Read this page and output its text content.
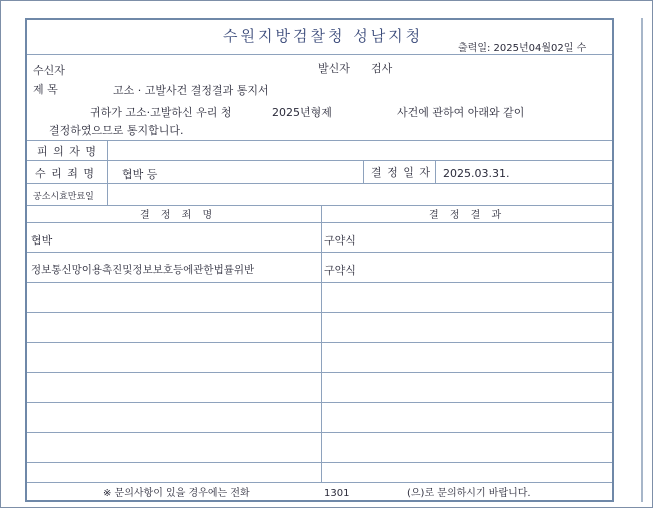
수원지방검찰청 성남지청
출력일: 2025년04월02일 수
수신자	발신자 검사
제 목	고소 · 고발사건 결정결과 통지서
귀하가 고소·고발하신 우리 청	2025년형제	사건에 관하여 아래와 같이
결정하였으므로 통지합니다.
피 의 자 명
수 리 죄 명 협박 등	결 정 일 자 2025.03.31.
공소시효만료일
결 정 죄 명	결 정 결 과
협박	구약식
정보통신망이용촉진및정보보호등에관한법률위반	구약식
※ 문의사항이 있을 경우에는 전화	1301	(으)로 문의하시기 바랍니다.
